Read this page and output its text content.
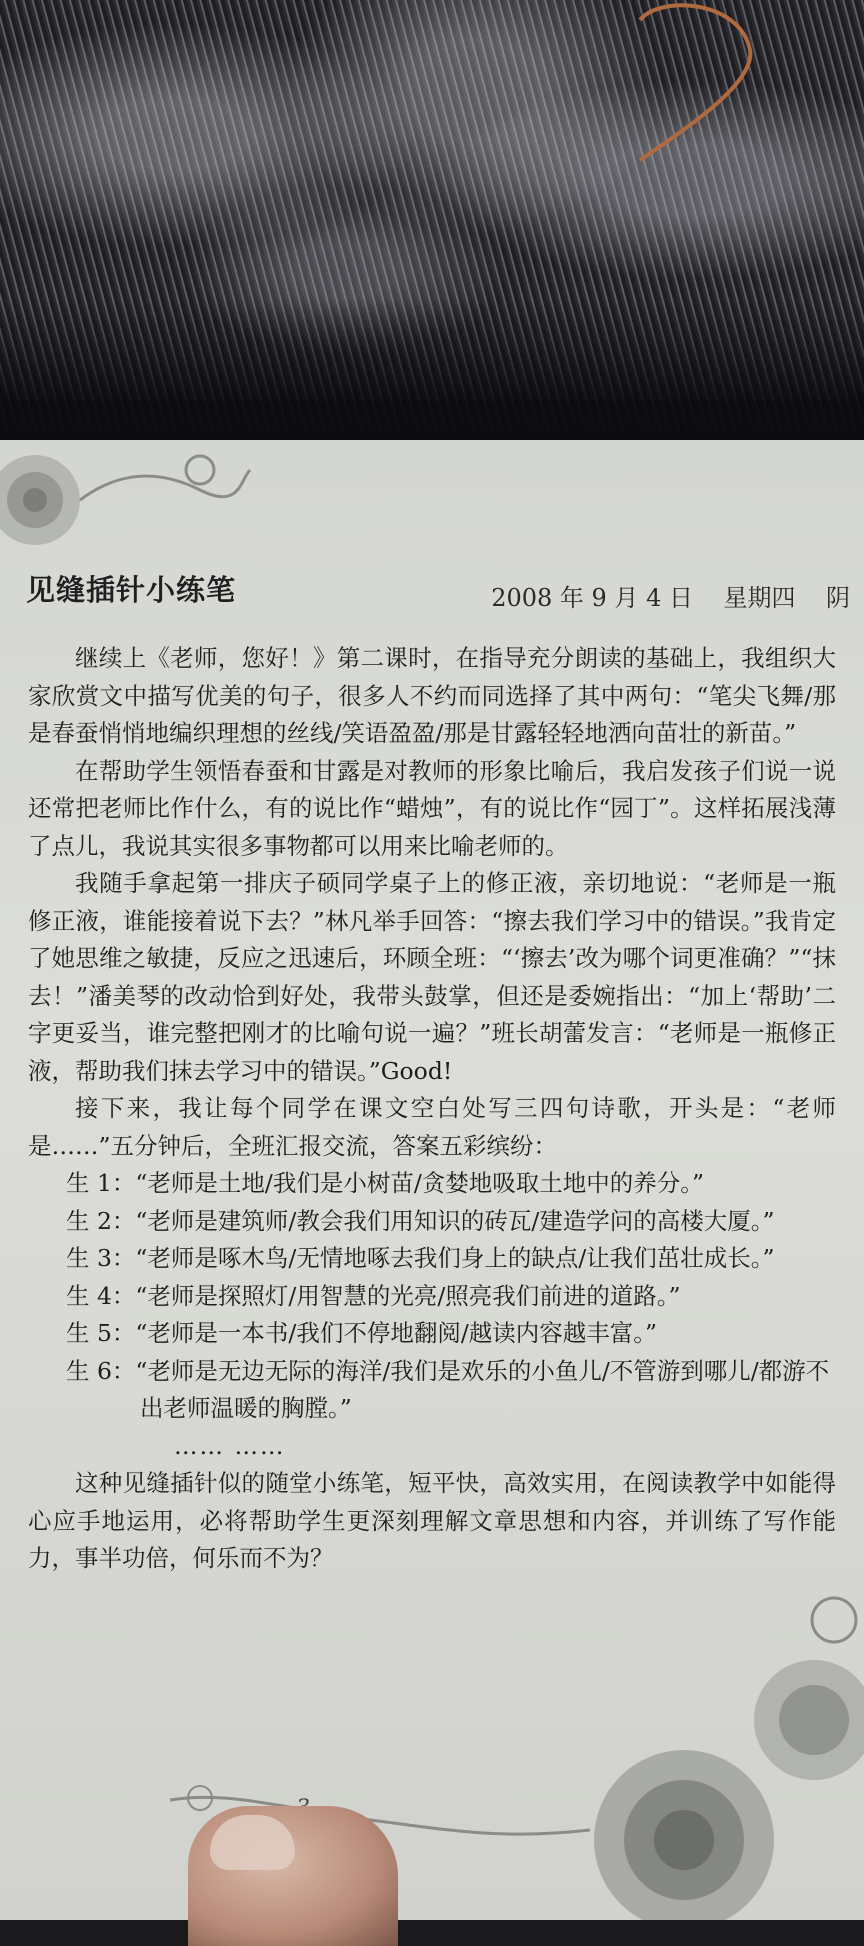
见缝插针小练笔	2008 年 9 月 4 日    星期四    阴

继续上《老师，您好！》第二课时，在指导充分朗读的基础上，我组织大家欣赏文中描写优美的句子，很多人不约而同选择了其中两句：“笔尖飞舞/那是春蚕悄悄地编织理想的丝线/笑语盈盈/那是甘露轻轻地洒向苗壮的新苗。”

在帮助学生领悟春蚕和甘露是对教师的形象比喻后，我启发孩子们说一说还常把老师比作什么，有的说比作“蜡烛”，有的说比作“园丁”。这样拓展浅薄了点儿，我说其实很多事物都可以用来比喻老师的。

我随手拿起第一排庆子硕同学桌子上的修正液，亲切地说：“老师是一瓶修正液，谁能接着说下去？”林凡举手回答：“擦去我们学习中的错误。”我肯定了她思维之敏捷，反应之迅速后，环顾全班：“‘擦去’改为哪个词更准确？”“抹去！”潘美琴的改动恰到好处，我带头鼓掌，但还是委婉指出：“加上‘帮助’二字更妥当，谁完整把刚才的比喻句说一遍？”班长胡蕾发言：“老师是一瓶修正液，帮助我们抹去学习中的错误。”Good!

接下来，我让每个同学在课文空白处写三四句诗歌，开头是：“老师是……”五分钟后，全班汇报交流，答案五彩缤纷：

生 1：“老师是土地/我们是小树苗/贪婪地吸取土地中的养分。”
生 2：“老师是建筑师/教会我们用知识的砖瓦/建造学问的高楼大厦。”
生 3：“老师是啄木鸟/无情地啄去我们身上的缺点/让我们茁壮成长。”
生 4：“老师是探照灯/用智慧的光亮/照亮我们前进的道路。”
生 5：“老师是一本书/我们不停地翻阅/越读内容越丰富。”
生 6：“老师是无边无际的海洋/我们是欢乐的小鱼儿/不管游到哪儿/都游不出老师温暖的胸膛。”
…… ……

这种见缝插针似的随堂小练笔，短平快，高效实用，在阅读教学中如能得心应手地运用，必将帮助学生更深刻理解文章思想和内容，并训练了写作能力，事半功倍，何乐而不为？
